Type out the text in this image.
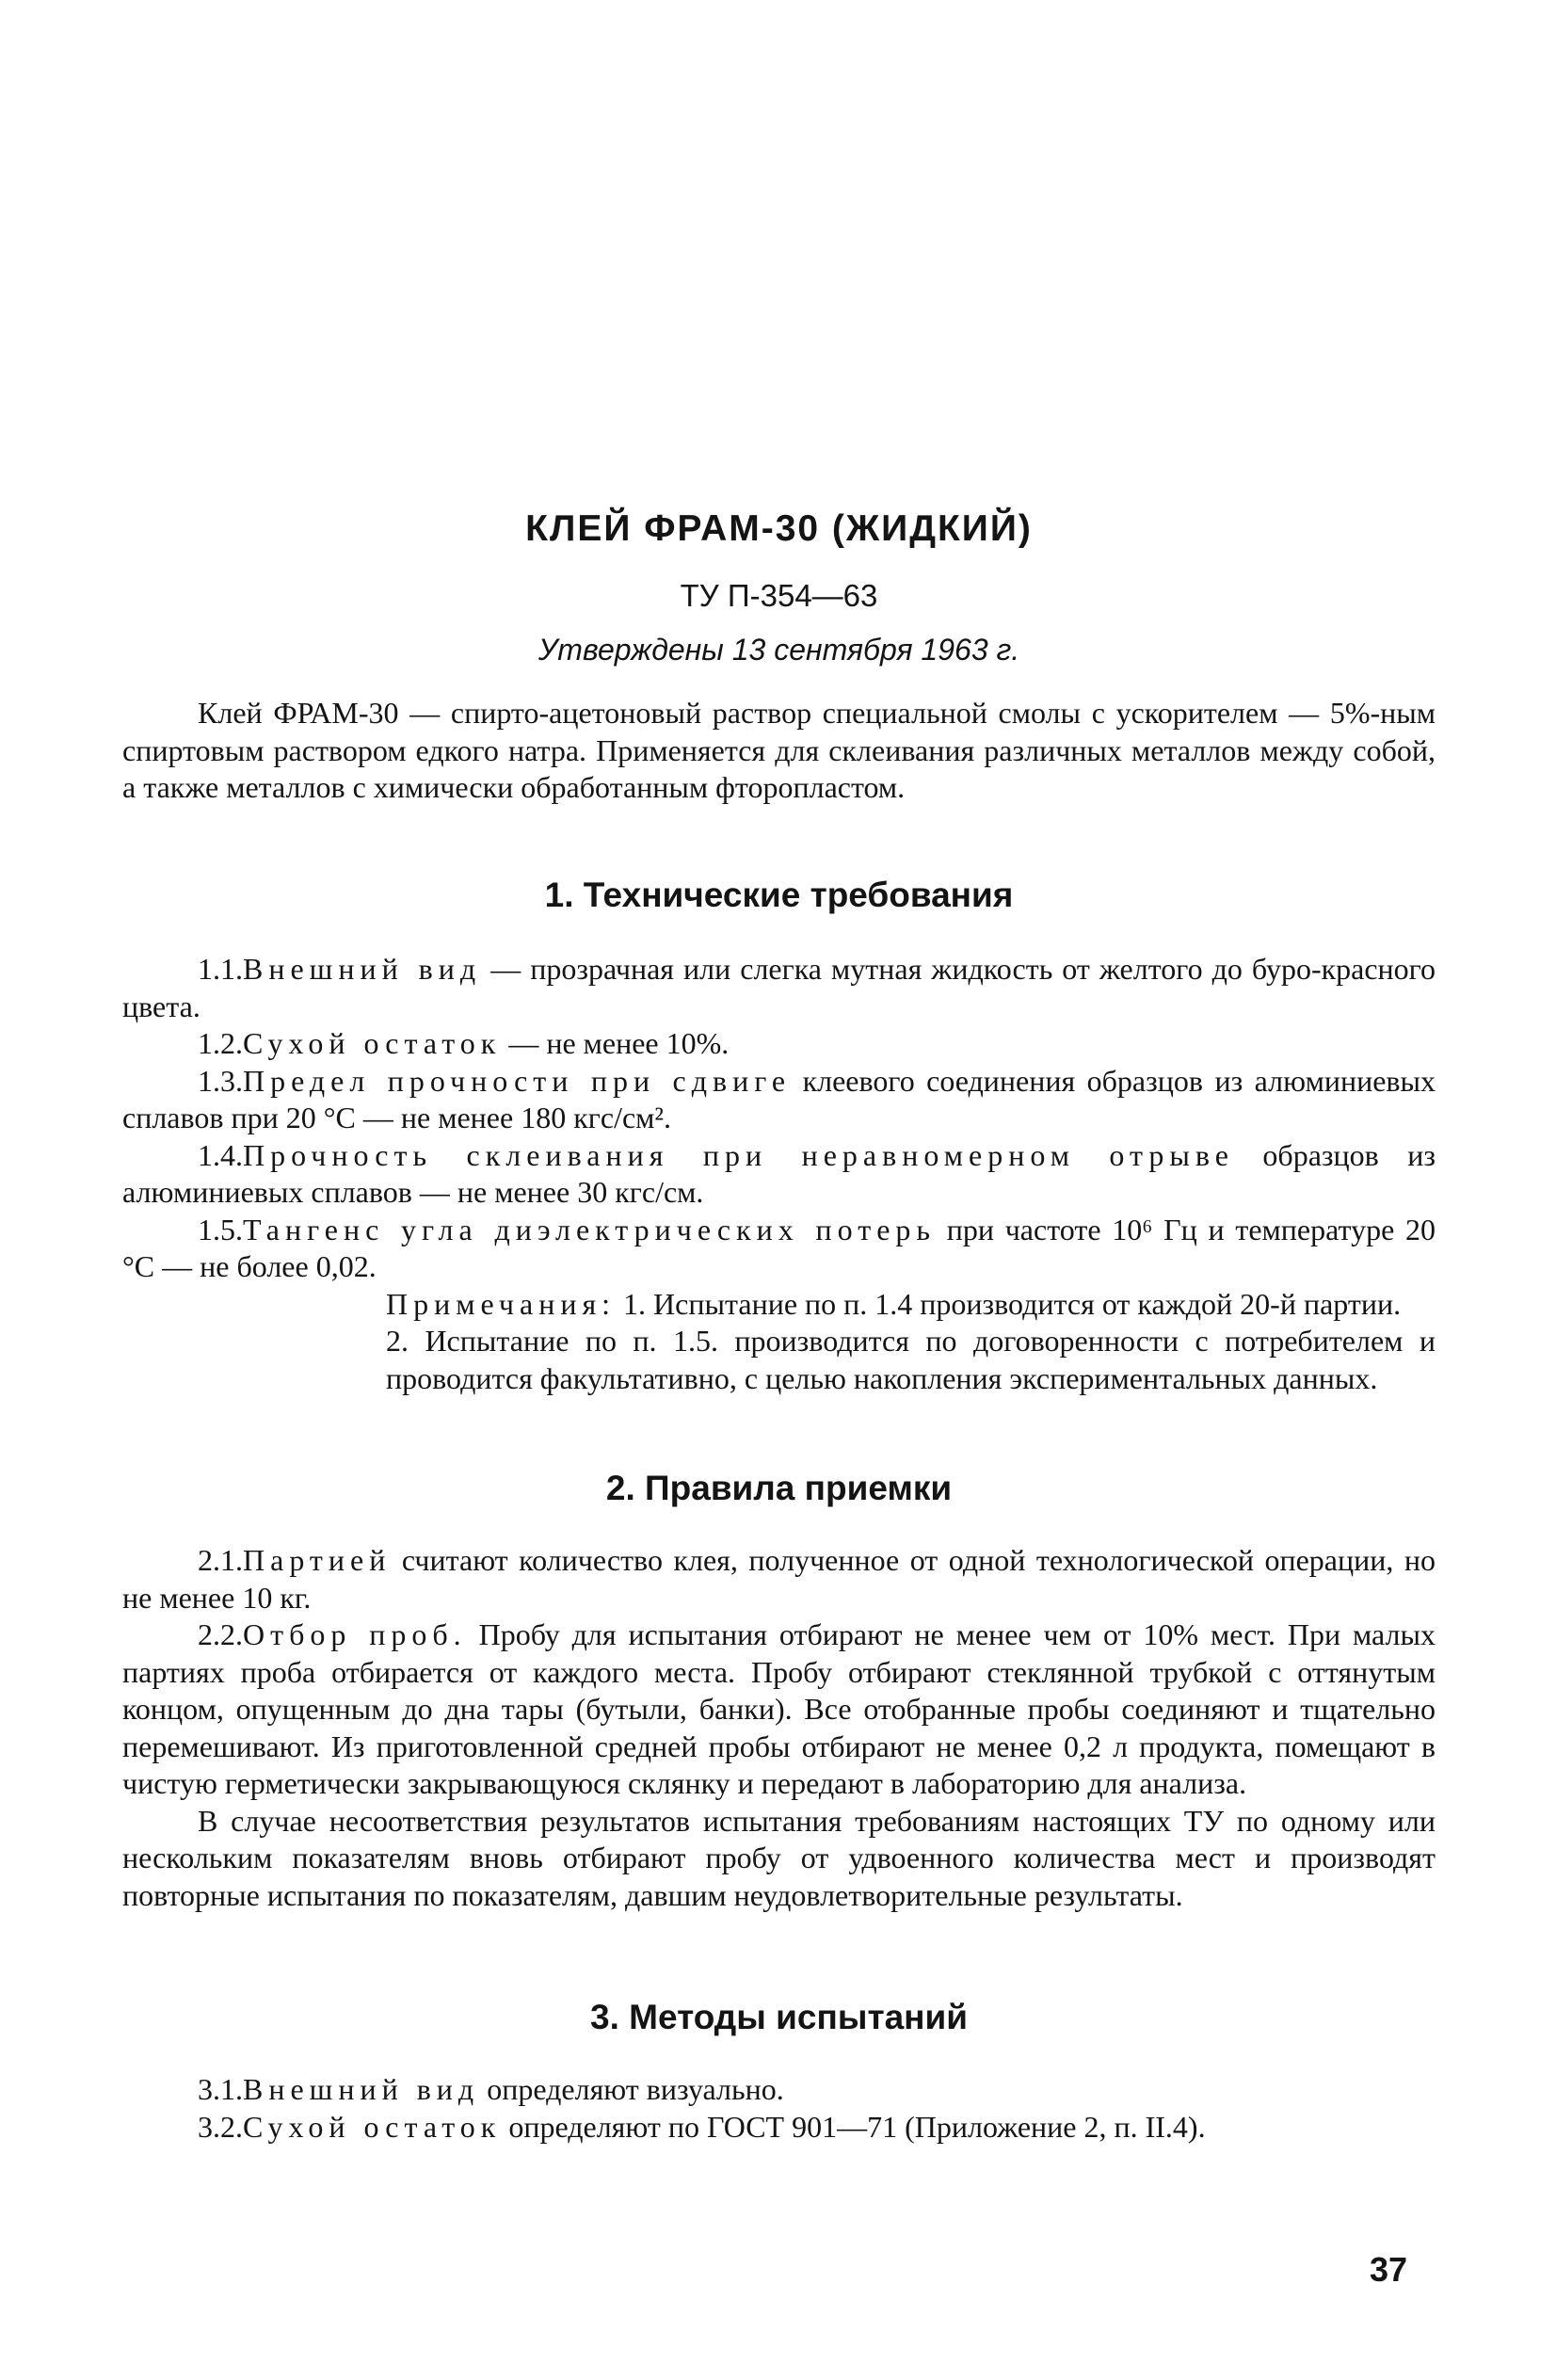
КЛЕЙ ФРАМ-30 (ЖИДКИЙ)
ТУ П-354—63
Утверждены 13 сентября 1963 г.

Клей ФРАМ-30 — спирто-ацетоновый раствор специальной смолы с ускорителем — 5%-ным спиртовым раствором едкого натра. Применяется для склеивания различных металлов между собой, а также металлов с химически обработанным фторопластом.

1. Технические требования

1.1.Внешний вид — прозрачная или слегка мутная жидкость от желтого до буро-красного цвета.

1.2.Сухой остаток — не менее 10%.

1.3.Предел прочности при сдвиге клеевого соединения образцов из алюминиевых сплавов при 20 °С — не менее 180 кгс/см².

1.4.Прочность склеивания при неравномерном отрыве образцов из алюминиевых сплавов — не менее 30 кгс/см.

1.5.Тангенс угла диэлектрических потерь при частоте 10⁶ Гц и температуре 20 °С — не более 0,02.

Примечания: 1. Испытание по п. 1.4 производится от каждой 20-й партии.

2. Испытание по п. 1.5. производится по договоренности с потребителем и проводится факультативно, с целью накопления экспериментальных данных.

2. Правила приемки

2.1.Партией считают количество клея, полученное от одной технологической операции, но не менее 10 кг.

2.2.Отбор проб. Пробу для испытания отбирают не менее чем от 10% мест. При малых партиях проба отбирается от каждого места. Пробу отбирают стеклянной трубкой с оттянутым концом, опущенным до дна тары (бутыли, банки). Все отобранные пробы соединяют и тщательно перемешивают. Из приготовленной средней пробы отбирают не менее 0,2 л продукта, помещают в чистую герметически закрывающуюся склянку и передают в лабораторию для анализа.

В случае несоответствия результатов испытания требованиям настоящих ТУ по одному или нескольким показателям вновь отбирают пробу от удвоенного количества мест и производят повторные испытания по показателям, давшим неудовлетворительные результаты.

3. Методы испытаний

3.1.Внешний вид определяют визуально.

3.2.Сухой остаток определяют по ГОСТ 901—71 (Приложение 2, п. II.4).

37
